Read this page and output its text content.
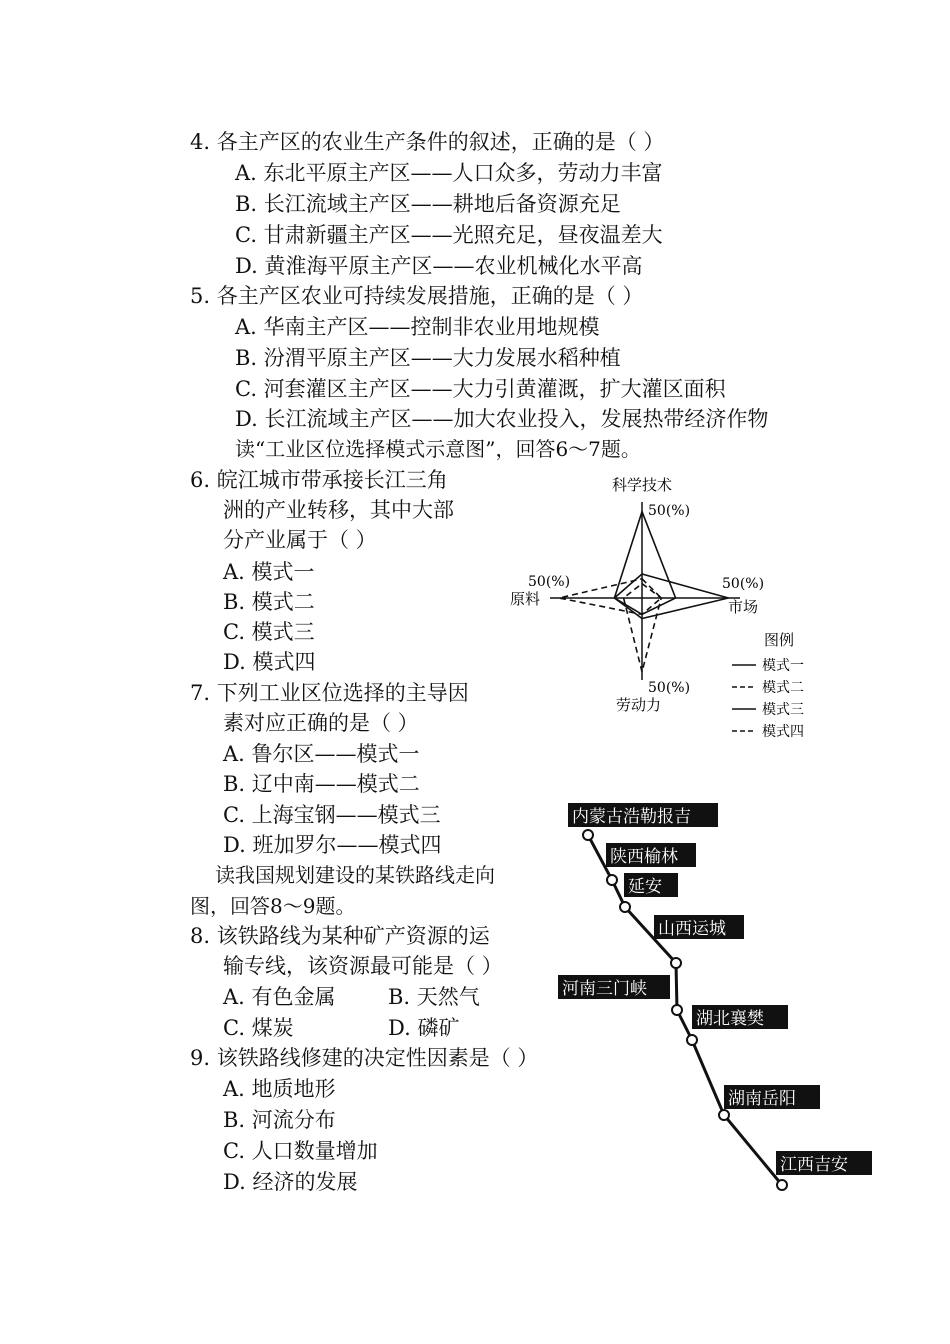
4. 各主产区的农业生产条件的叙述，正确的是（ ）
A. 东北平原主产区——人口众多，劳动力丰富
B. 长江流域主产区——耕地后备资源充足
C. 甘肃新疆主产区——光照充足，昼夜温差大
D. 黄淮海平原主产区——农业机械化水平高
5. 各主产区农业可持续发展措施，正确的是（ ）
A. 华南主产区——控制非农业用地规模
B. 汾渭平原主产区——大力发展水稻种植
C. 河套灌区主产区——大力引黄灌溉，扩大灌区面积
D. 长江流域主产区——加大农业投入，发展热带经济作物
读“工业区位选择模式示意图”，回答6～7题。
6. 皖江城市带承接长江三角
洲的产业转移，其中大部
分产业属于（ ）
A. 模式一
B. 模式二
C. 模式三
D. 模式四
7. 下列工业区位选择的主导因
素对应正确的是（ ）
A. 鲁尔区——模式一
B. 辽中南——模式二
C. 上海宝钢——模式三
D. 班加罗尔——模式四
读我国规划建设的某铁路线走向
图，回答8～9题。
8. 该铁路线为某种矿产资源的运
输专线，该资源最可能是（ ）
A. 有色金属 B. 天然气
C. 煤炭	D. 磷矿
9. 该铁路线修建的决定性因素是（ ）
A. 地质地形
B. 河流分布
C. 人口数量增加
D. 经济的发展
科学技术
50(%)
50(%)
市场
50(%)
原料
50(%)
劳动力
图例
模式一
模式二
模式三
模式四
内蒙古浩勒报吉
陕西榆林
延安
山西运城
河南三门峡
湖北襄樊
湖南岳阳
江西吉安
